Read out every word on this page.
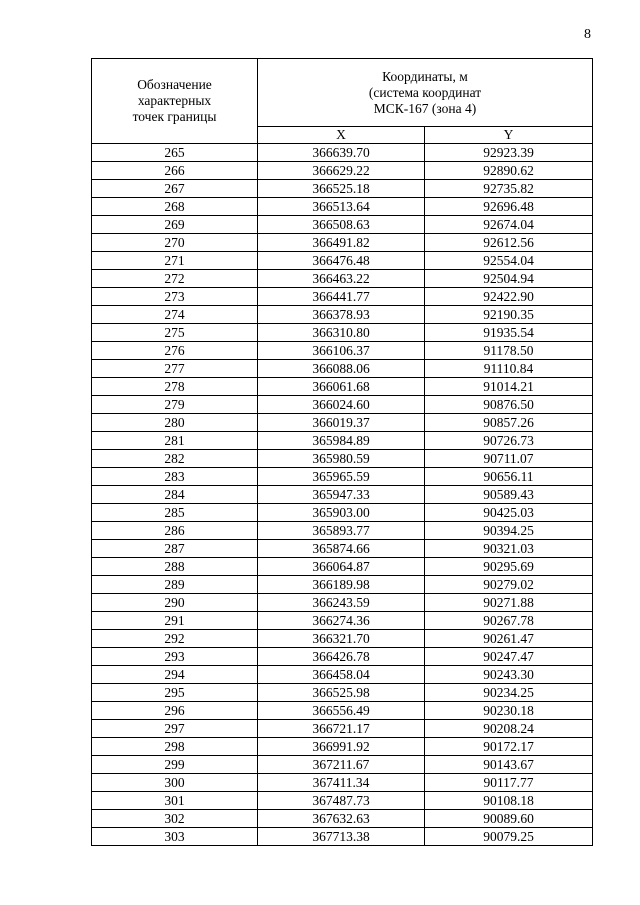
8
Обозначение
характерных
точек границы	Координаты, м
(система координат
МСК-167 (зона 4)	

	X	Y
265	366639.70	92923.39
266	366629.22	92890.62
267	366525.18	92735.82
268	366513.64	92696.48
269	366508.63	92674.04
270	366491.82	92612.56
271	366476.48	92554.04
272	366463.22	92504.94
273	366441.77	92422.90
274	366378.93	92190.35
275	366310.80	91935.54
276	366106.37	91178.50
277	366088.06	91110.84
278	366061.68	91014.21
279	366024.60	90876.50
280	366019.37	90857.26
281	365984.89	90726.73
282	365980.59	90711.07
283	365965.59	90656.11
284	365947.33	90589.43
285	365903.00	90425.03
286	365893.77	90394.25
287	365874.66	90321.03
288	366064.87	90295.69
289	366189.98	90279.02
290	366243.59	90271.88
291	366274.36	90267.78
292	366321.70	90261.47
293	366426.78	90247.47
294	366458.04	90243.30
295	366525.98	90234.25
296	366556.49	90230.18
297	366721.17	90208.24
298	366991.92	90172.17
299	367211.67	90143.67
300	367411.34	90117.77
301	367487.73	90108.18
302	367632.63	90089.60
303	367713.38	90079.25
